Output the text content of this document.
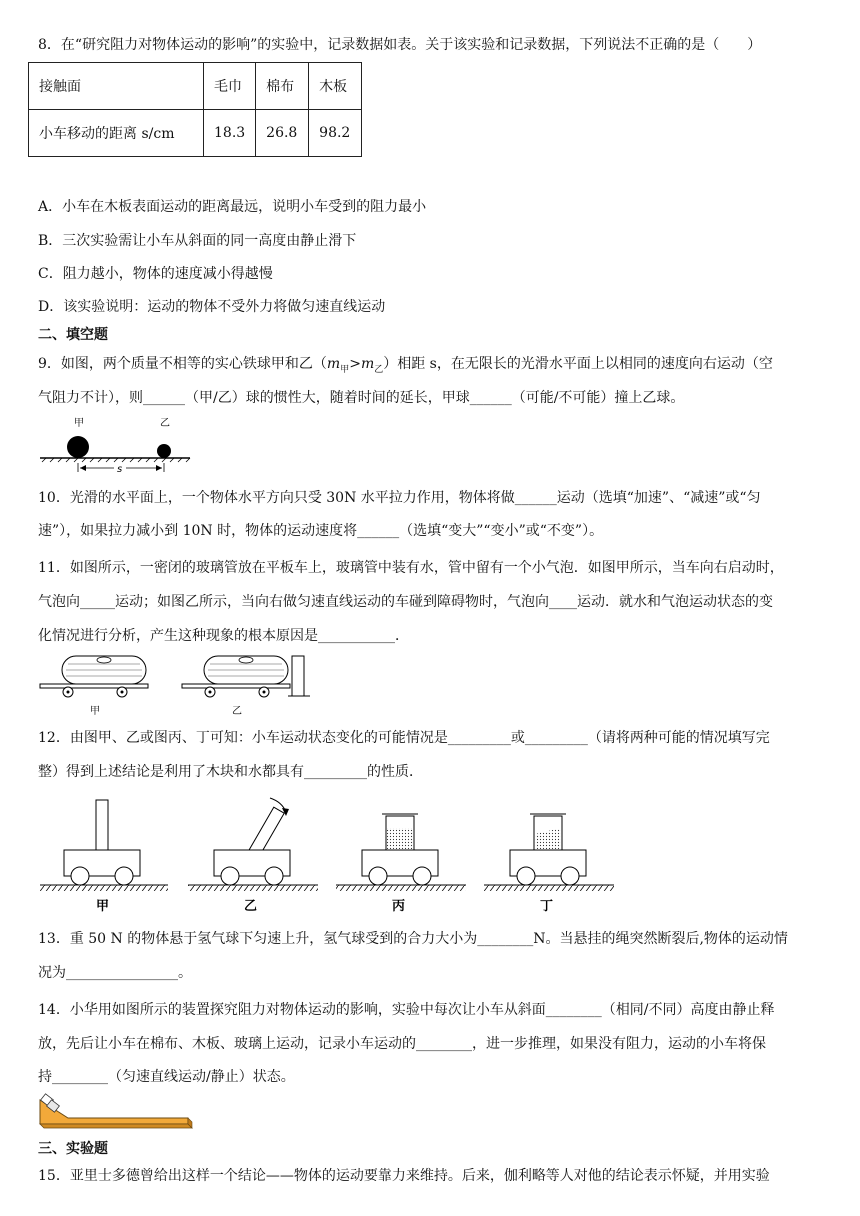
8．在“研究阻力对物体运动的影响”的实验中，记录数据如表。关于该实验和记录数据，下列说法不正确的是（　　）
接触面	毛巾	棉布	木板
小车移动的距离 s/cm	18.3	26.8	98.2
A．小车在木板表面运动的距离最远，说明小车受到的阻力最小
B．三次实验需让小车从斜面的同一高度由静止滑下
C．阻力越小，物体的速度减小得越慢
D．该实验说明：运动的物体不受外力将做匀速直线运动
二、填空题
9．如图，两个质量不相等的实心铁球甲和乙$(m_甲>m_乙)$相距 s，在无限长的光滑水平面上以相同的速度向右运动（空
气阻力不计），则______（甲/乙）球的惯性大，随着时间的延长，甲球______（可能/不可能）撞上乙球。
甲	乙
s
10．光滑的水平面上，一个物体水平方向只受 30N 水平拉力作用，物体将做______运动（选填“加速”、“减速”或“匀
速”），如果拉力减小到 10N 时，物体的运动速度将______（选填“变大”“变小”或“不变”）。
11．如图所示，一密闭的玻璃管放在平板车上，玻璃管中装有水，管中留有一个小气泡．如图甲所示，当车向右启动时，
气泡向_____运动；如图乙所示，当向右做匀速直线运动的车碰到障碍物时，气泡向____运动．就水和气泡运动状态的变
化情况进行分析，产生这种现象的根本原因是___________．
甲	乙
12．由图甲、乙或图丙、丁可知：小车运动状态变化的可能情况是_________或_________（请将两种可能的情况填写完
整）得到上述结论是利用了木块和水都具有_________的性质．
甲	乙	丙	丁
13．重 50 N 的物体悬于氢气球下匀速上升，氢气球受到的合力大小为________N。当悬挂的绳突然断裂后,物体的运动情
况为________________。
14．小华用如图所示的装置探究阻力对物体运动的影响，实验中每次让小车从斜面________（相同/不同）高度由静止释
放，先后让小车在棉布、木板、玻璃上运动，记录小车运动的________，进一步推理，如果没有阻力，运动的小车将保
持________（匀速直线运动/静止）状态。
三、实验题
15．亚里士多德曾给出这样一个结论——物体的运动要靠力来维持。后来，伽利略等人对他的结论表示怀疑，并用实验
